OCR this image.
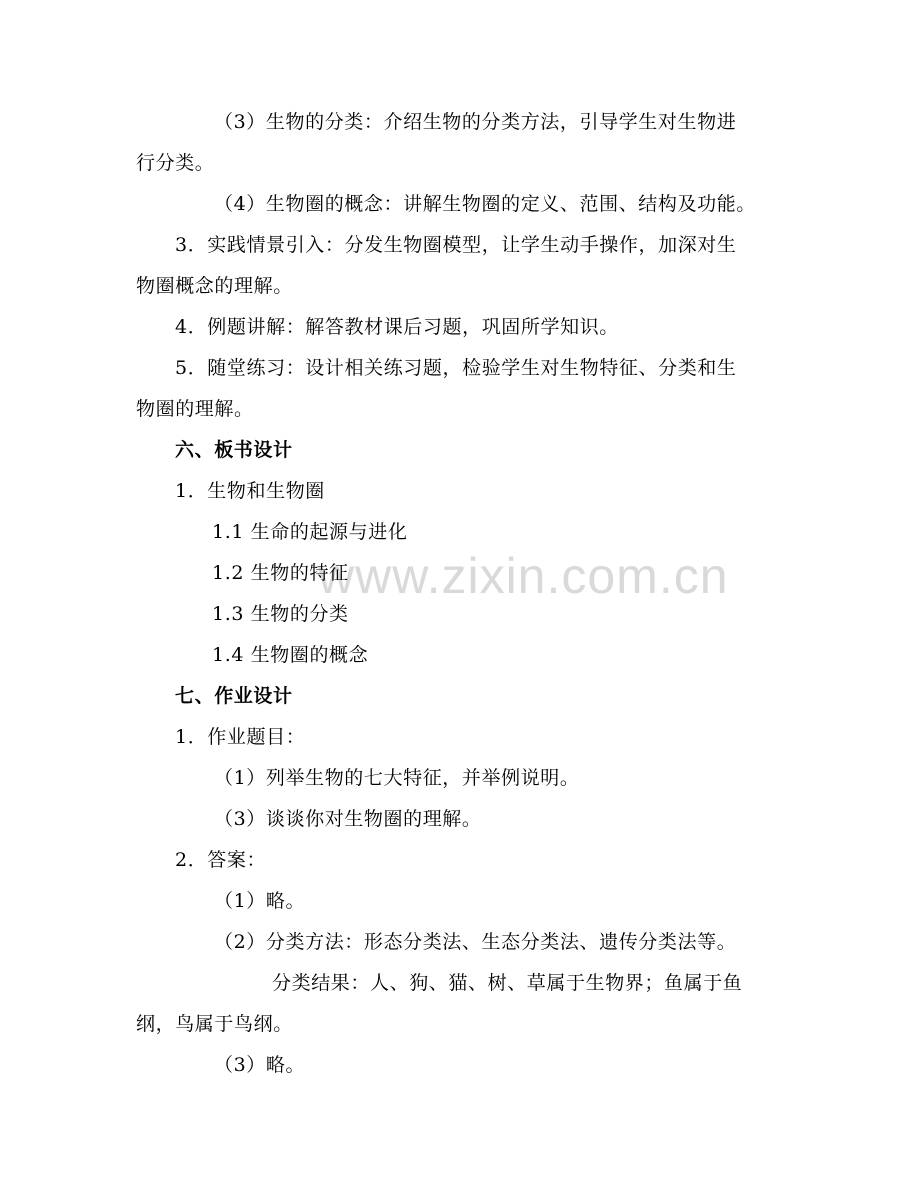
www.zixin.com.cn
（3）生物的分类：介绍生物的分类方法，引导学生对生物进
行分类。
（4）生物圈的概念：讲解生物圈的定义、范围、结构及功能。
3．实践情景引入：分发生物圈模型，让学生动手操作，加深对生
物圈概念的理解。
4．例题讲解：解答教材课后习题，巩固所学知识。
5．随堂练习：设计相关练习题，检验学生对生物特征、分类和生
物圈的理解。
六、板书设计
1．生物和生物圈
1.1 生命的起源与进化
1.2 生物的特征
1.3 生物的分类
1.4 生物圈的概念
七、作业设计
1．作业题目：
（1）列举生物的七大特征，并举例说明。
（3）谈谈你对生物圈的理解。
2．答案：
（1）略。
（2）分类方法：形态分类法、生态分类法、遗传分类法等。
分类结果：人、狗、猫、树、草属于生物界；鱼属于鱼
纲，鸟属于鸟纲。
（3）略。
